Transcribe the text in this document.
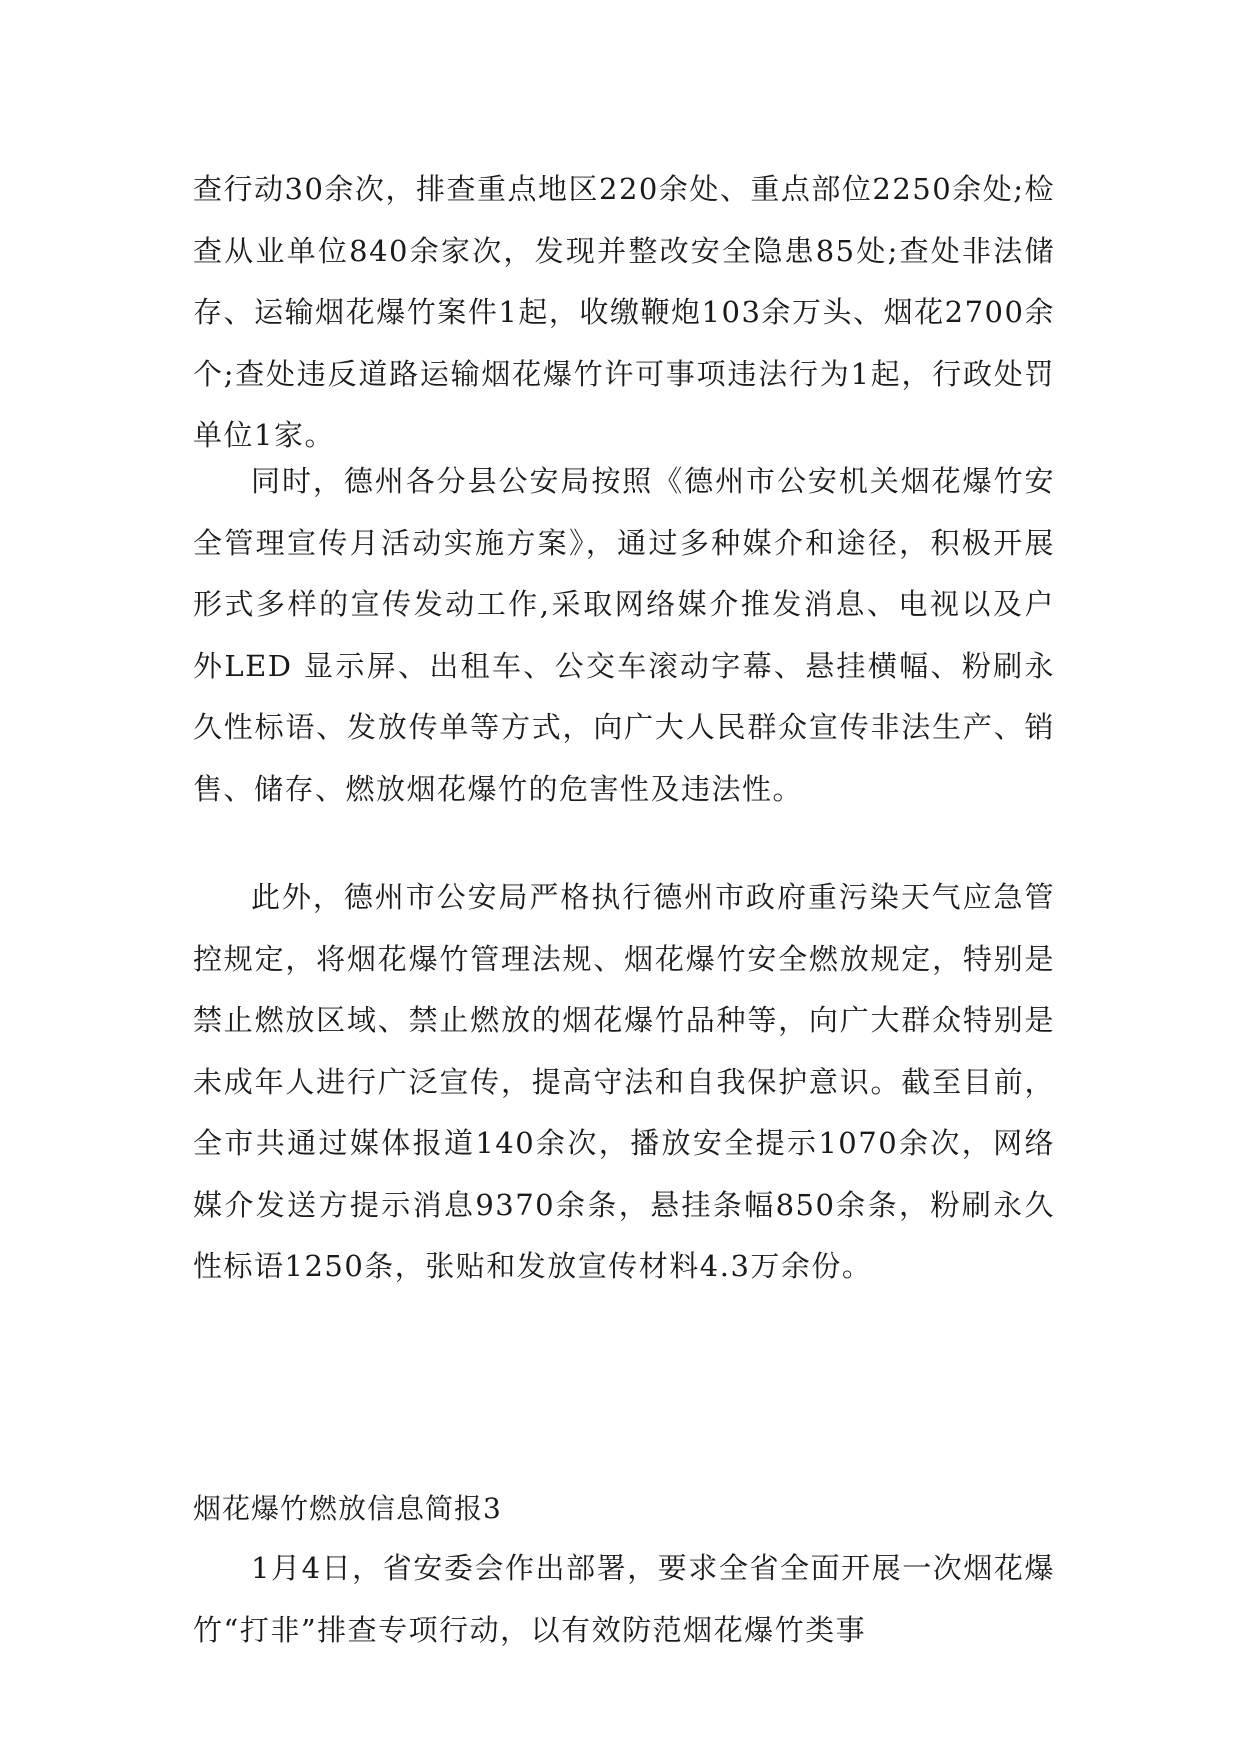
查行动30余次，排查重点地区220余处、重点部位2250余处;检查从业单位840余家次，发现并整改安全隐患85处;查处非法储存、运输烟花爆竹案件1起，收缴鞭炮103余万头、烟花2700余个;查处违反道路运输烟花爆竹许可事项违法行为1起，行政处罚单位1家。

同时，德州各分县公安局按照《德州市公安机关烟花爆竹安全管理宣传月活动实施方案》，通过多种媒介和途径，积极开展形式多样的宣传发动工作,采取网络媒介推发消息、电视以及户外LED 显示屏、出租车、公交车滚动字幕、悬挂横幅、粉刷永久性标语、发放传单等方式，向广大人民群众宣传非法生产、销售、储存、燃放烟花爆竹的危害性及违法性。

此外，德州市公安局严格执行德州市政府重污染天气应急管控规定，将烟花爆竹管理法规、烟花爆竹安全燃放规定，特别是禁止燃放区域、禁止燃放的烟花爆竹品种等，向广大群众特别是未成年人进行广泛宣传，提高守法和自我保护意识。截至目前，全市共通过媒体报道140余次，播放安全提示1070余次，网络媒介发送方提示消息9370余条，悬挂条幅850余条，粉刷永久性标语1250条，张贴和发放宣传材料4.3万余份。

烟花爆竹燃放信息简报3

1月4日，省安委会作出部署，要求全省全面开展一次烟花爆竹“打非”排查专项行动，以有效防范烟花爆竹类事
